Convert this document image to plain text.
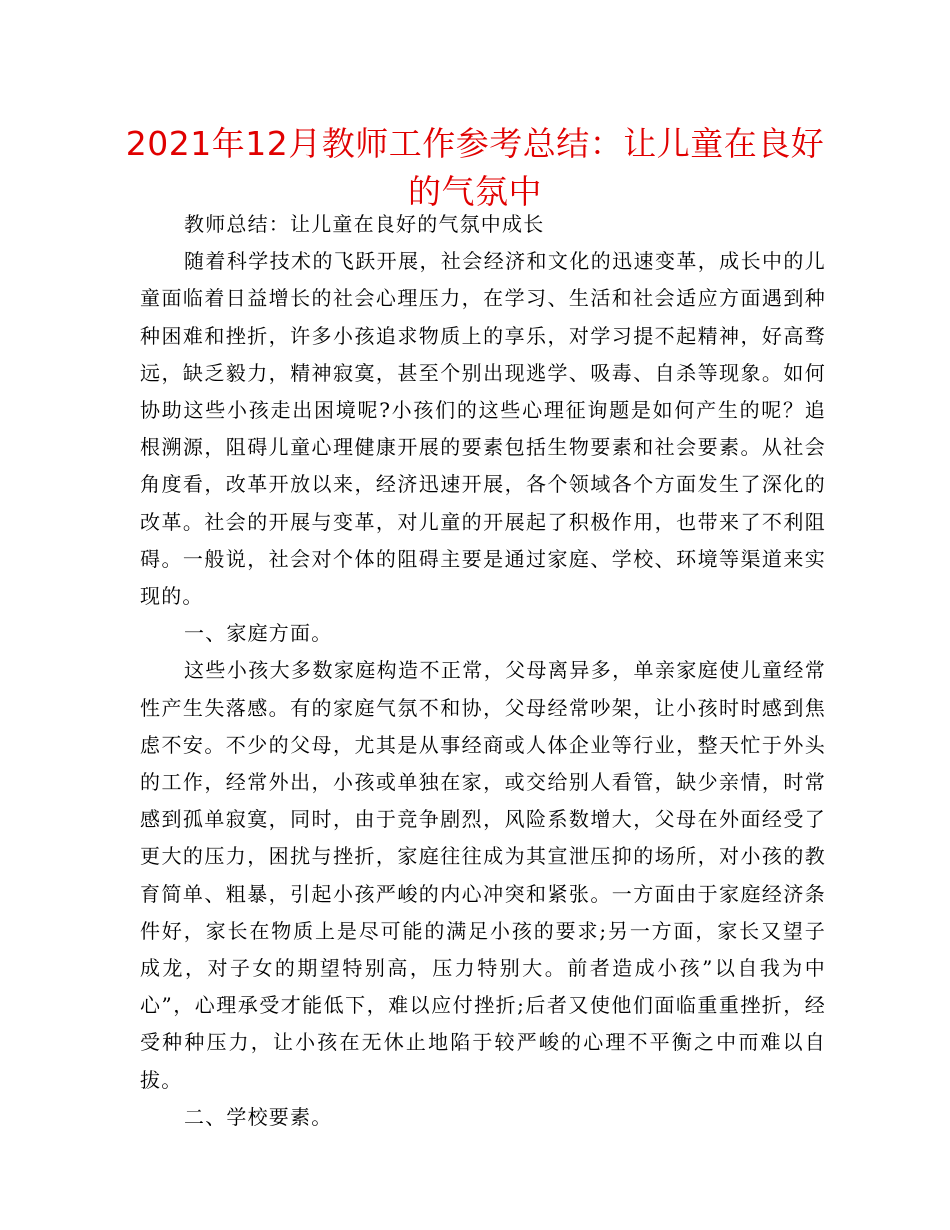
2021年12月教师工作参考总结：让儿童在良好的气氛中

教师总结：让儿童在良好的气氛中成长

随着科学技术的飞跃开展，社会经济和文化的迅速变革，成长中的儿童面临着日益增长的社会心理压力，在学习、生活和社会适应方面遇到种种困难和挫折，许多小孩追求物质上的享乐，对学习提不起精神，好高骛远，缺乏毅力，精神寂寞，甚至个别出现逃学、吸毒、自杀等现象。如何协助这些小孩走出困境呢?小孩们的这些心理征询题是如何产生的呢？追根溯源，阻碍儿童心理健康开展的要素包括生物要素和社会要素。从社会角度看，改革开放以来，经济迅速开展，各个领域各个方面发生了深化的改革。社会的开展与变革，对儿童的开展起了积极作用，也带来了不利阻碍。一般说，社会对个体的阻碍主要是通过家庭、学校、环境等渠道来实现的。

一、家庭方面。

这些小孩大多数家庭构造不正常，父母离异多，单亲家庭使儿童经常性产生失落感。有的家庭气氛不和协，父母经常吵架，让小孩时时感到焦虑不安。不少的父母，尤其是从事经商或人体企业等行业，整天忙于外头的工作，经常外出，小孩或单独在家，或交给别人看管，缺少亲情，时常感到孤单寂寞，同时，由于竞争剧烈，风险系数增大，父母在外面经受了更大的压力，困扰与挫折，家庭往往成为其宣泄压抑的场所，对小孩的教育简单、粗暴，引起小孩严峻的内心冲突和紧张。一方面由于家庭经济条件好，家长在物质上是尽可能的满足小孩的要求;另一方面，家长又望子成龙，对子女的期望特别高，压力特别大。前者造成小孩”以自我为中心”，心理承受才能低下，难以应付挫折;后者又使他们面临重重挫折，经受种种压力，让小孩在无休止地陷于较严峻的心理不平衡之中而难以自拔。

二、学校要素。
